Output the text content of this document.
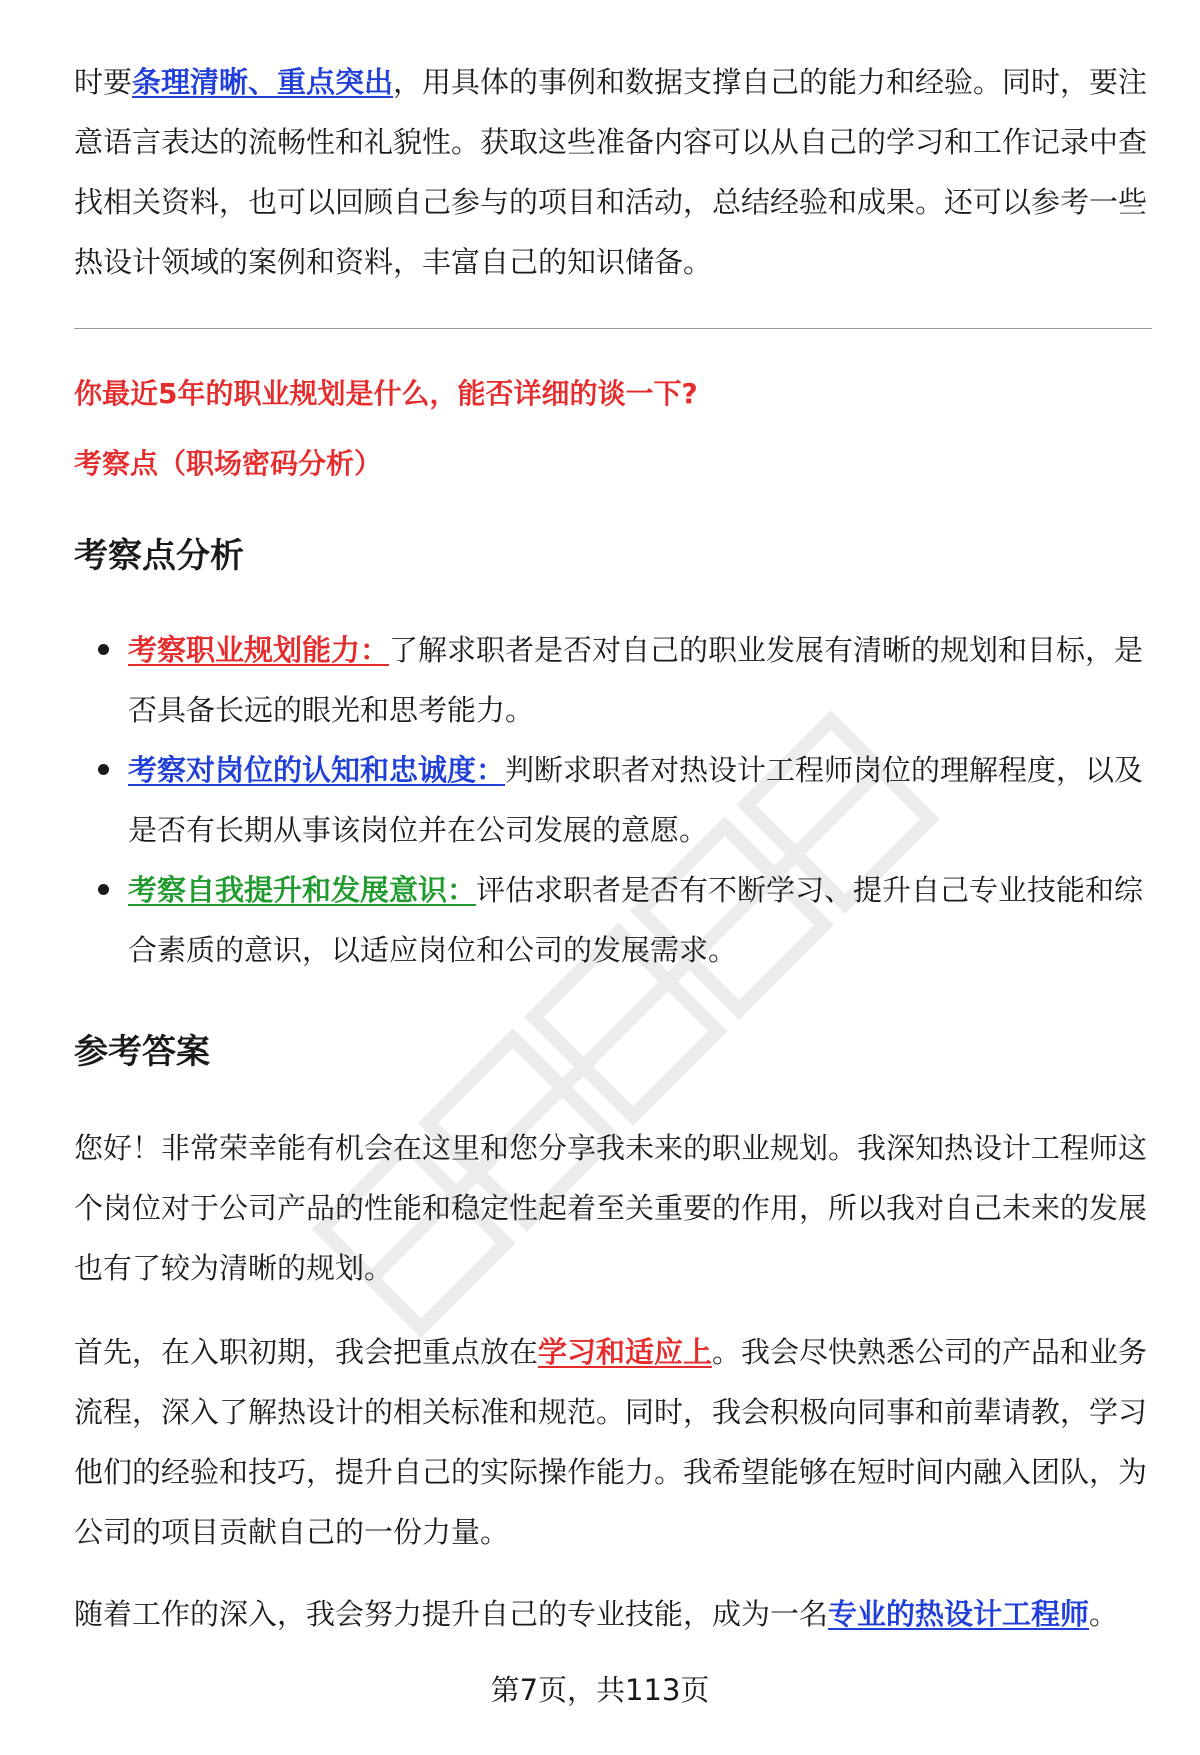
时要条理清晰、重点突出，用具体的事例和数据支撑自己的能力和经验。同时，要注意语言表达的流畅性和礼貌性。获取这些准备内容可以从自己的学习和工作记录中查找相关资料，也可以回顾自己参与的项目和活动，总结经验和成果。还可以参考一些热设计领域的案例和资料，丰富自己的知识储备。

你最近5年的职业规划是什么，能否详细的谈一下?

考察点（职场密码分析）

考察点分析
考察职业规划能力：了解求职者是否对自己的职业发展有清晰的规划和目标，是否具备长远的眼光和思考能力。
考察对岗位的认知和忠诚度：判断求职者对热设计工程师岗位的理解程度，以及是否有长期从事该岗位并在公司发展的意愿。
考察自我提升和发展意识：评估求职者是否有不断学习、提升自己专业技能和综合素质的意识，以适应岗位和公司的发展需求。
参考答案

您好！非常荣幸能有机会在这里和您分享我未来的职业规划。我深知热设计工程师这个岗位对于公司产品的性能和稳定性起着至关重要的作用，所以我对自己未来的发展也有了较为清晰的规划。

首先，在入职初期，我会把重点放在学习和适应上。我会尽快熟悉公司的产品和业务流程，深入了解热设计的相关标准和规范。同时，我会积极向同事和前辈请教，学习他们的经验和技巧，提升自己的实际操作能力。我希望能够在短时间内融入团队，为公司的项目贡献自己的一份力量。

随着工作的深入，我会努力提升自己的专业技能，成为一名专业的热设计工程师。

第7页，共113页
